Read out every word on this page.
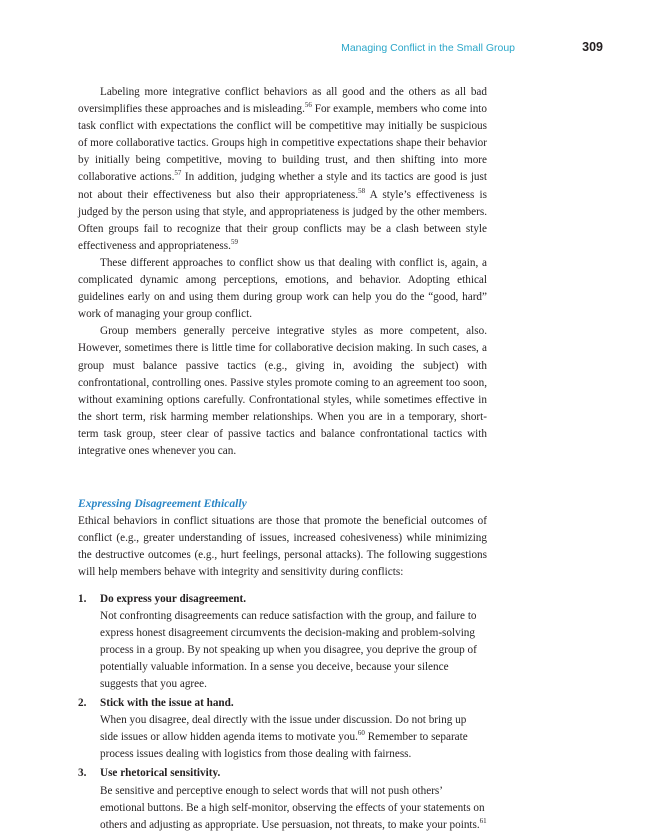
Managing Conflict in the Small Group	309

Labeling more integrative conflict behaviors as all good and the others as all bad oversimplifies these approaches and is misleading.$^{56}$ For example, members who come into task conflict with expectations the conflict will be competitive may initially be suspicious of more collaborative tactics. Groups high in competitive expectations shape their behavior by initially being competitive, moving to building trust, and then shifting into more collaborative actions.$^{57}$ In addition, judging whether a style and its tactics are good is just not about their effectiveness but also their appropriateness.$^{58}$ A style’s effectiveness is judged by the person using that style, and appropriateness is judged by the other members. Often groups fail to recognize that their group conflicts may be a clash between style effectiveness and appropriateness.$^{59}$

These different approaches to conflict show us that dealing with conflict is, again, a complicated dynamic among perceptions, emotions, and behavior. Adopting ethical guidelines early on and using them during group work can help you do the “good, hard” work of managing your group conflict.

Group members generally perceive integrative styles as more competent, also. However, sometimes there is little time for collaborative decision making. In such cases, a group must balance passive tactics (e.g., giving in, avoiding the subject) with confrontational, controlling ones. Passive styles promote coming to an agreement too soon, without examining options carefully. Confrontational styles, while sometimes effective in the short term, risk harming member relationships. When you are in a temporary, short-term task group, steer clear of passive tactics and balance confrontational tactics with integrative ones whenever you can.

Expressing Disagreement Ethically

Ethical behaviors in conflict situations are those that promote the beneficial outcomes of conflict (e.g., greater understanding of issues, increased cohesiveness) while minimizing the destructive outcomes (e.g., hurt feelings, personal attacks). The following suggestions will help members behave with integrity and sensitivity during conflicts:

1. Do express your disagreement.
Not confronting disagreements can reduce satisfaction with the group, and failure to express honest disagreement circumvents the decision-making and problem-solving process in a group. By not speaking up when you disagree, you deprive the group of potentially valuable information. In a sense you deceive, because your silence suggests that you agree.
2. Stick with the issue at hand.
When you disagree, deal directly with the issue under discussion. Do not bring up side issues or allow hidden agenda items to motivate you.$^{60}$ Remember to separate process issues dealing with logistics from those dealing with fairness.
3. Use rhetorical sensitivity.
Be sensitive and perceptive enough to select words that will not push others’ emotional buttons. Be a high self-monitor, observing the effects of your statements on others and adjusting as appropriate. Use persuasion, not threats, to make your points.$^{61}$
